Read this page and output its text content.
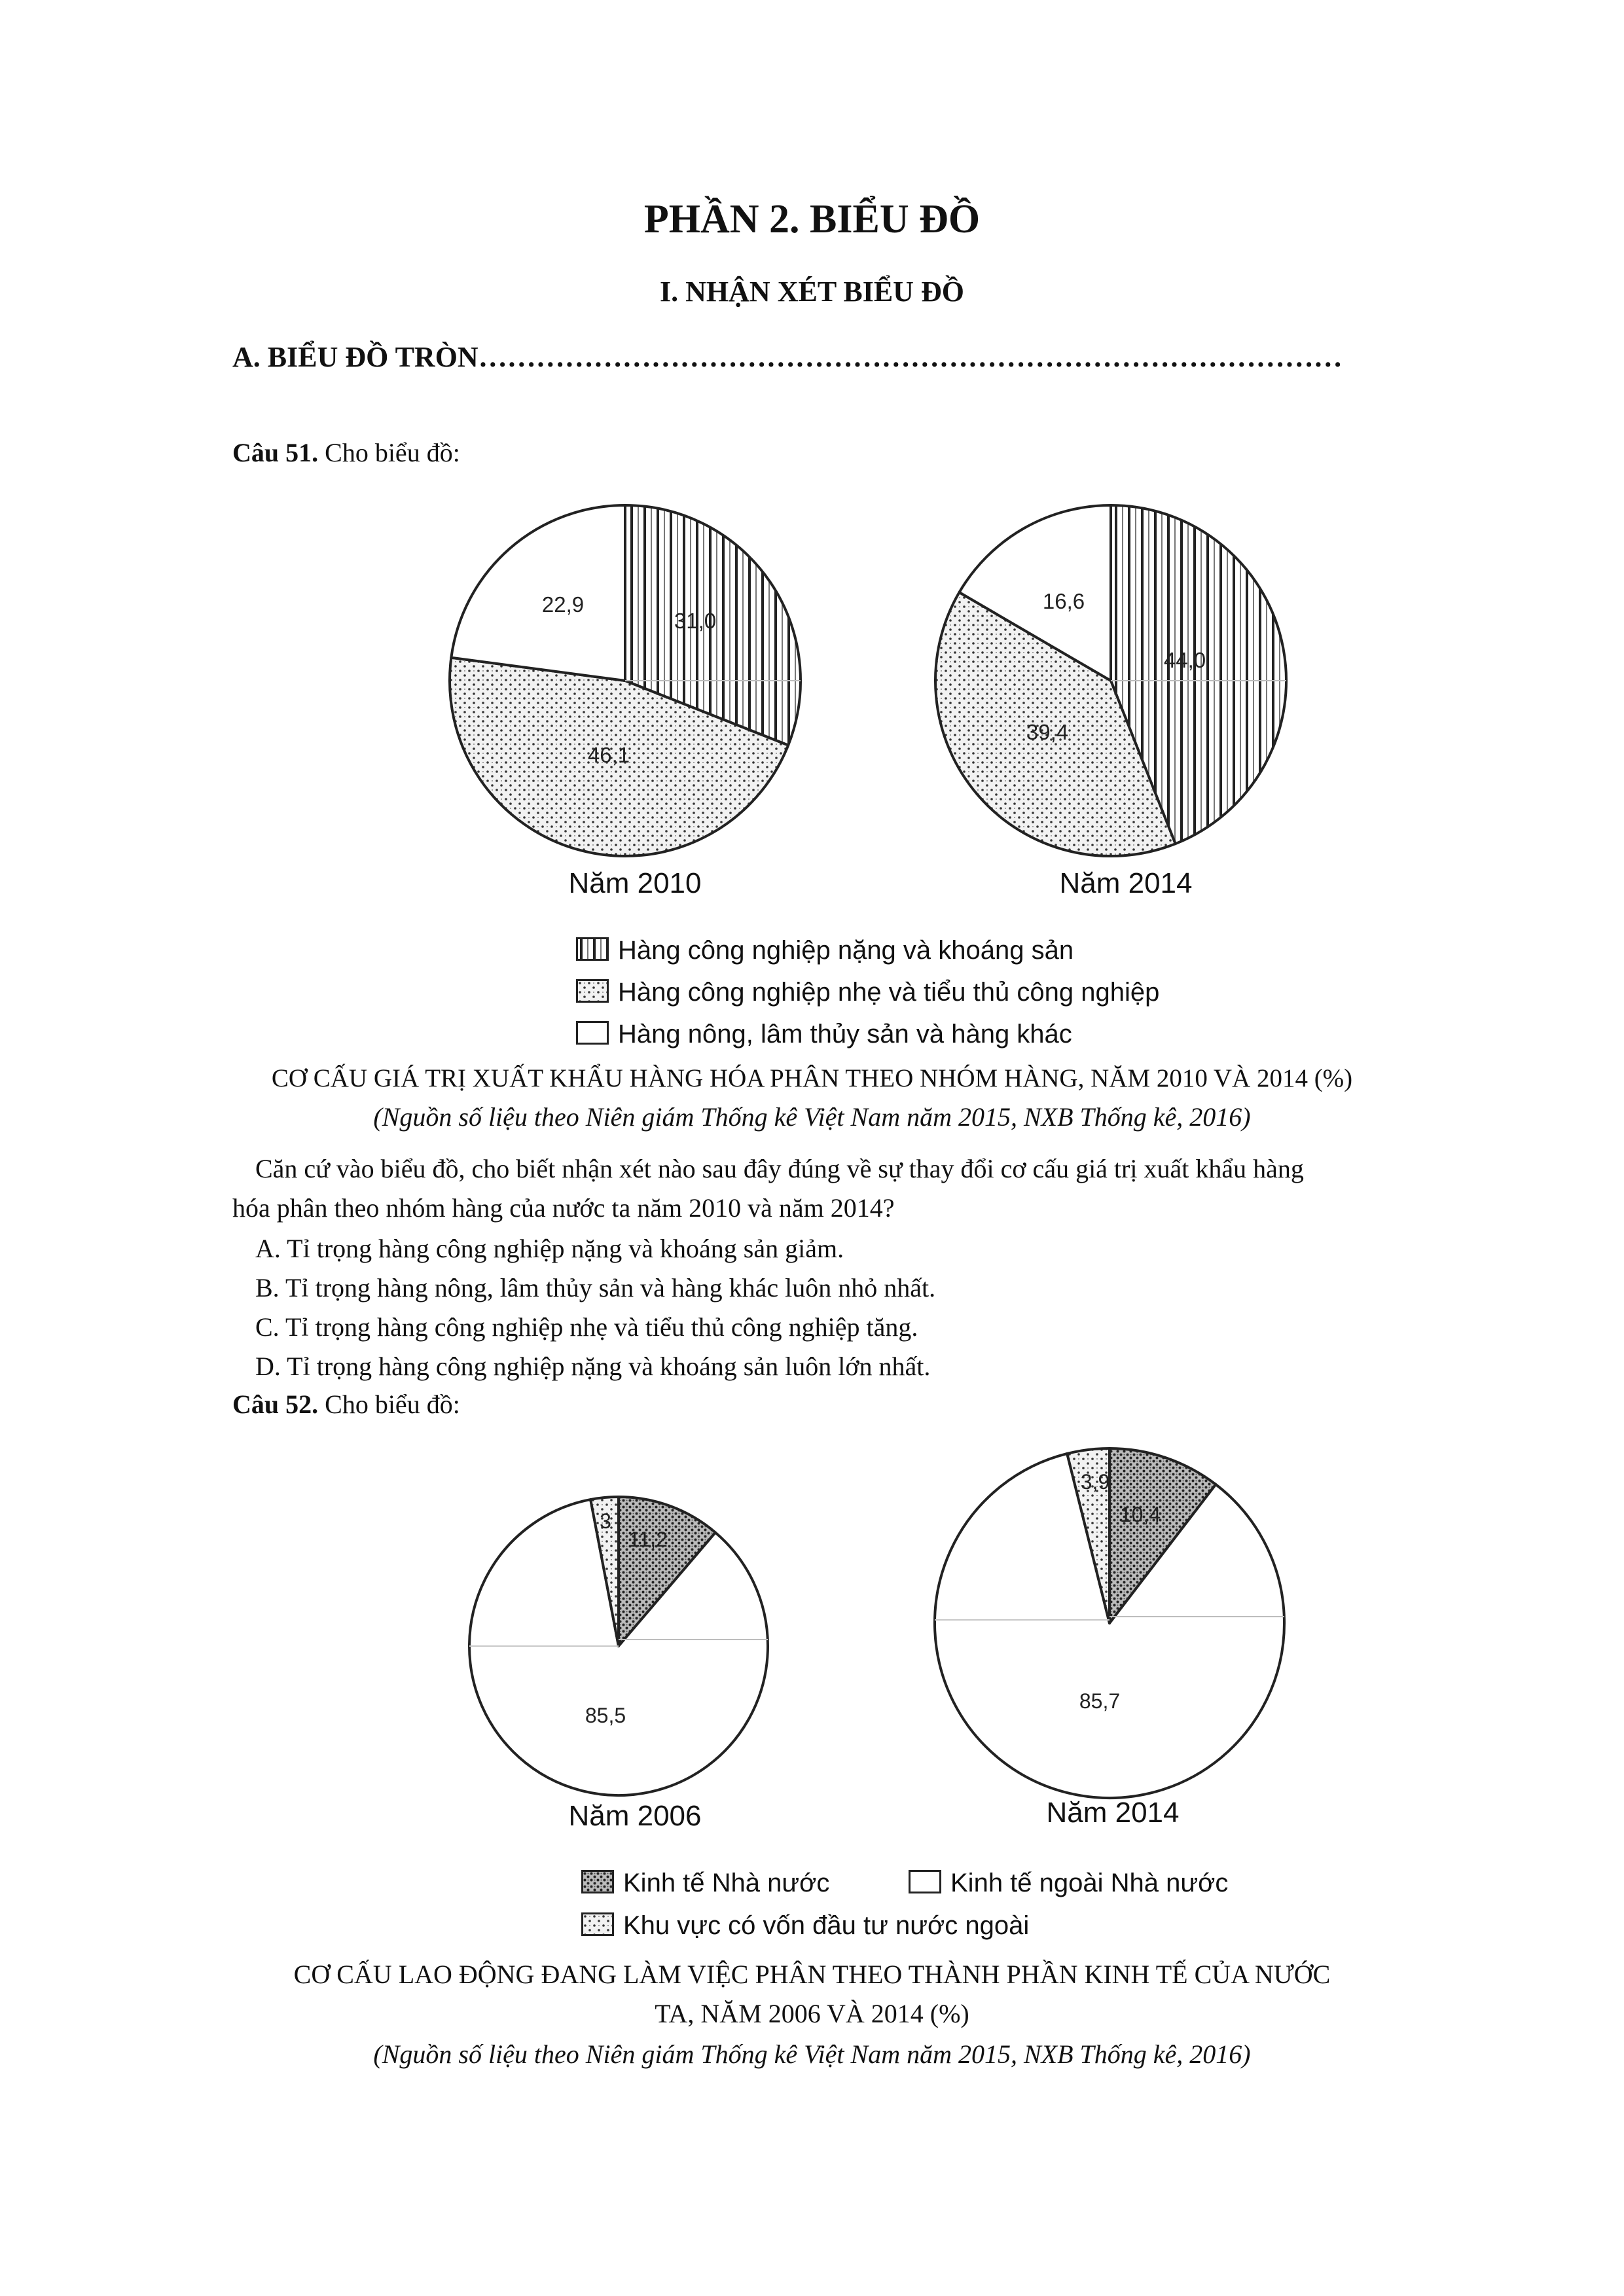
PHẦN 2. BIỂU ĐỒ
I. NHẬN XÉT BIỂU ĐỒ
A. BIỂU ĐỒ TRÒN………………………………………………………………………………
Câu 51. Cho biểu đồ:
31,0
46,1
22,9
44,0
39,4
16,6
11,2
85,5
3	10,4
85,7
3,9
Năm 2010	Năm 2014
Hàng công nghiệp nặng và khoáng sản
Hàng công nghiệp nhẹ và tiểu thủ công nghiệp
Hàng nông, lâm thủy sản và hàng khác
CƠ CẤU GIÁ TRỊ XUẤT KHẨU HÀNG HÓA PHÂN THEO NHÓM HÀNG, NĂM 2010 VÀ 2014 (%)
(Nguồn số liệu theo Niên giám Thống kê Việt Nam năm 2015, NXB Thống kê, 2016)
Căn cứ vào biểu đồ, cho biết nhận xét nào sau đây đúng về sự thay đổi cơ cấu giá trị xuất khẩu hàng
hóa phân theo nhóm hàng của nước ta năm 2010 và năm 2014?
A. Tỉ trọng hàng công nghiệp nặng và khoáng sản giảm.
B. Tỉ trọng hàng nông, lâm thủy sản và hàng khác luôn nhỏ nhất.
C. Tỉ trọng hàng công nghiệp nhẹ và tiểu thủ công nghiệp tăng.
D. Tỉ trọng hàng công nghiệp nặng và khoáng sản luôn lớn nhất.
Câu 52. Cho biểu đồ:
Năm 2006	Năm 2014
Kinh tế Nhà nước	Kinh tế ngoài Nhà nước
Khu vực có vốn đầu tư nước ngoài
CƠ CẤU LAO ĐỘNG ĐANG LÀM VIỆC PHÂN THEO THÀNH PHẦN KINH TẾ CỦA NƯỚC
TA, NĂM 2006 VÀ 2014 (%)
(Nguồn số liệu theo Niên giám Thống kê Việt Nam năm 2015, NXB Thống kê, 2016)
